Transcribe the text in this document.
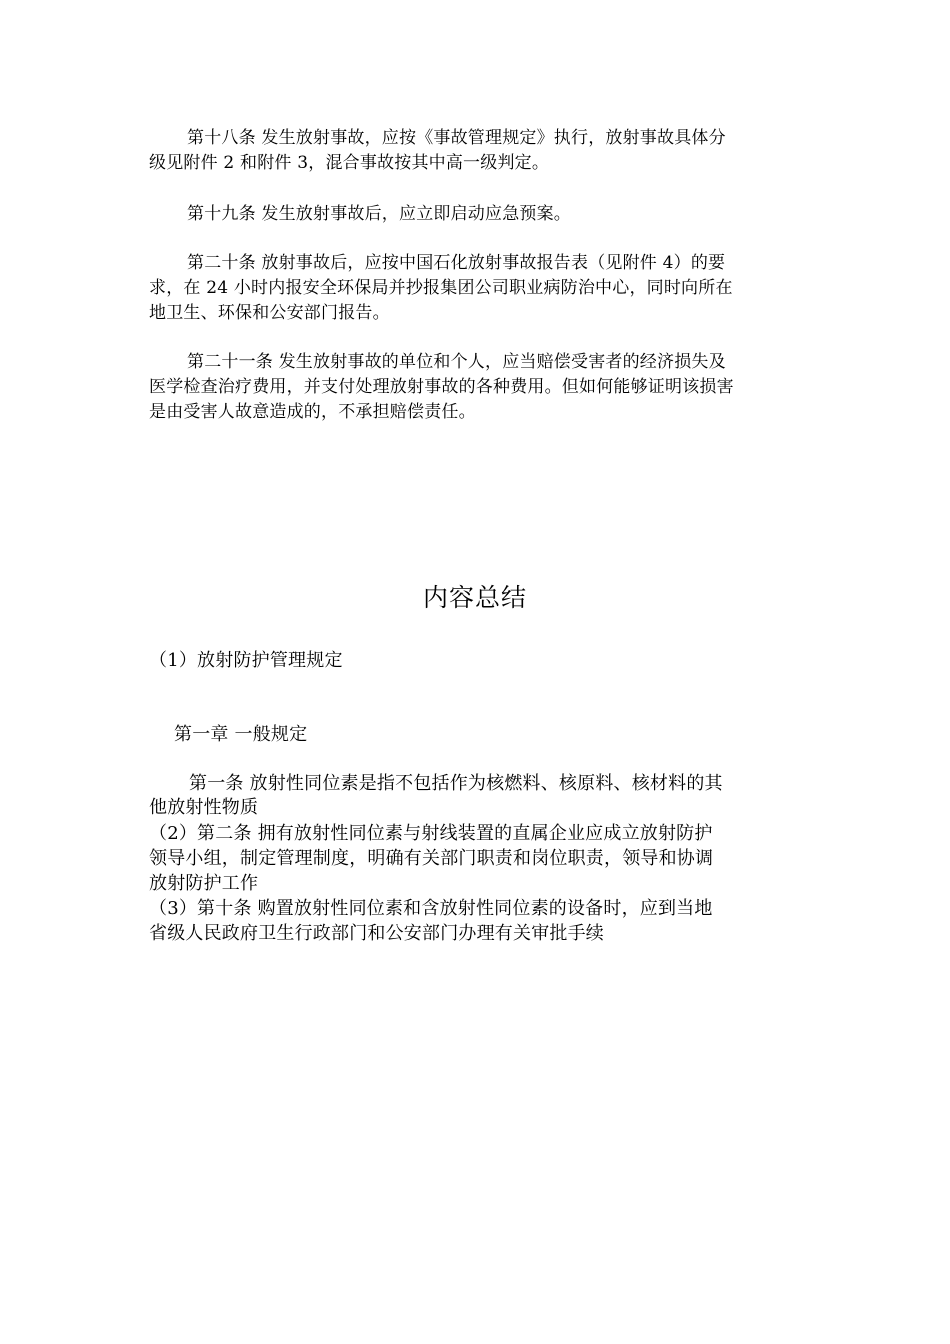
第十八条 发生放射事故，应按《事故管理规定》执行，放射事故具体分
级见附件 2 和附件 3，混合事故按其中高一级判定。
第十九条 发生放射事故后，应立即启动应急预案。
第二十条 放射事故后，应按中国石化放射事故报告表（见附件 4）的要
求，在 24 小时内报安全环保局并抄报集团公司职业病防治中心，同时向所在
地卫生、环保和公安部门报告。
第二十一条 发生放射事故的单位和个人，应当赔偿受害者的经济损失及
医学检查治疗费用，并支付处理放射事故的各种费用。但如何能够证明该损害
是由受害人故意造成的，不承担赔偿责任。
内容总结
（1）放射防护管理规定
第一章 一般规定
第一条 放射性同位素是指不包括作为核燃料、核原料、核材料的其
他放射性物质
（2）第二条 拥有放射性同位素与射线装置的直属企业应成立放射防护
领导小组，制定管理制度，明确有关部门职责和岗位职责，领导和协调
放射防护工作
（3）第十条 购置放射性同位素和含放射性同位素的设备时，应到当地
省级人民政府卫生行政部门和公安部门办理有关审批手续
